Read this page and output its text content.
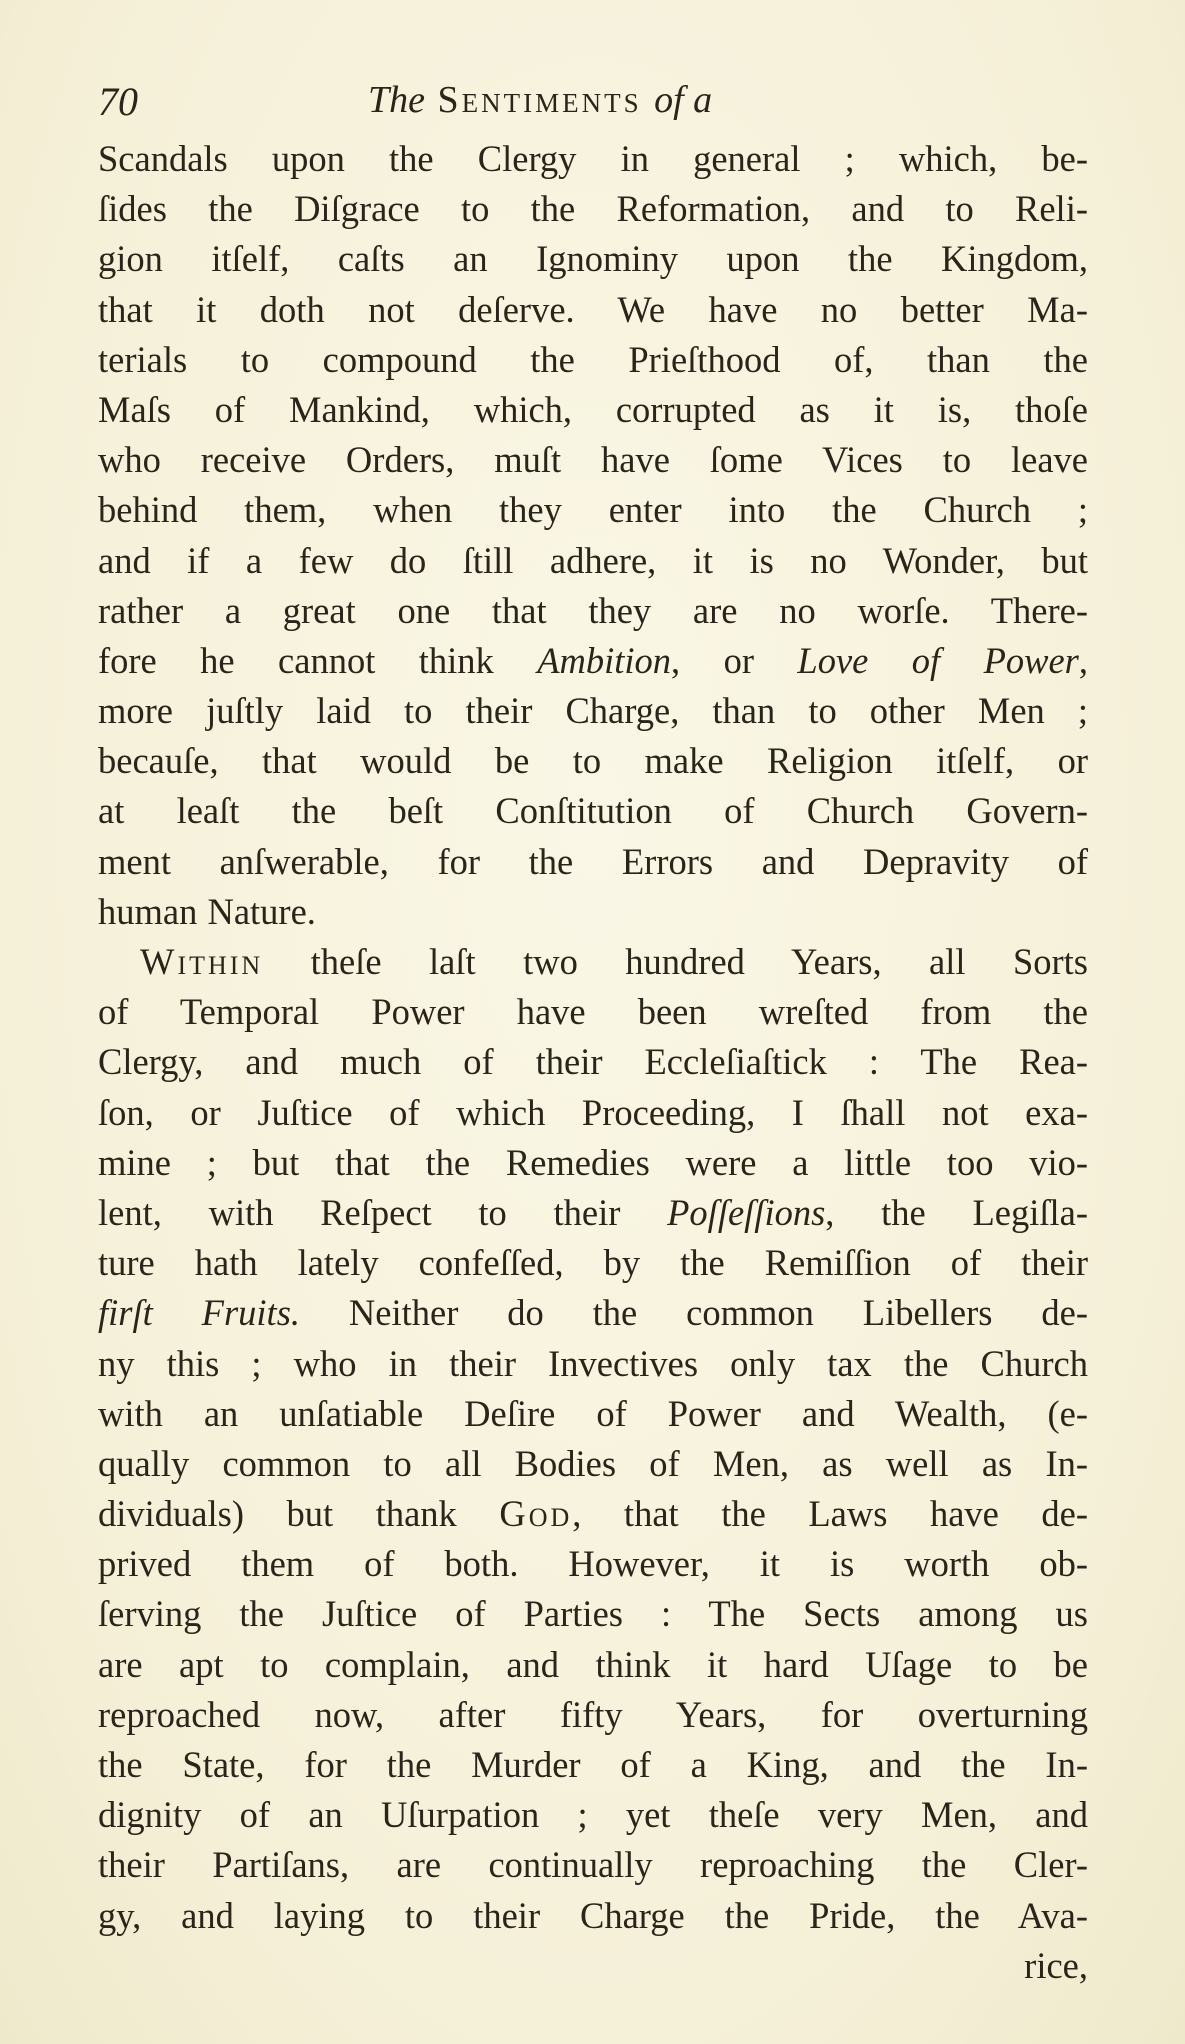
70	The Sentiments of a
Scandals upon the Clergy in general ; which, be-
ſides the Diſgrace to the Reformation, and to Reli-
gion itſelf, caſts an Ignominy upon the Kingdom,
that it doth not deſerve. We have no better Ma-
terials to compound the Prieſthood of, than the
Maſs of Mankind, which, corrupted as it is, thoſe
who receive Orders, muſt have ſome Vices to leave
behind them, when they enter into the Church ;
and if a few do ſtill adhere, it is no Wonder, but
rather a great one that they are no worſe. There-
fore he cannot think Ambition, or Love of Power,
more juſtly laid to their Charge, than to other Men ;
becauſe, that would be to make Religion itſelf, or
at leaſt the beſt Conſtitution of Church Govern-
ment anſwerable, for the Errors and Depravity of
human Nature.
Within theſe laſt two hundred Years, all Sorts
of Temporal Power have been wreſted from the
Clergy, and much of their Eccleſiaſtick : The Rea-
ſon, or Juſtice of which Proceeding, I ſhall not exa-
mine ; but that the Remedies were a little too vio-
lent, with Reſpect to their Poſſeſſions, the Legiſla-
ture hath lately confeſſed, by the Remiſſion of their
firſt Fruits. Neither do the common Libellers de-
ny this ; who in their Invectives only tax the Church
with an unſatiable Deſire of Power and Wealth, (e-
qually common to all Bodies of Men, as well as In-
dividuals) but thank God, that the Laws have de-
prived them of both. However, it is worth ob-
ſerving the Juſtice of Parties : The Sects among us
are apt to complain, and think it hard Uſage to be
reproached now, after fifty Years, for overturning
the State, for the Murder of a King, and the In-
dignity of an Uſurpation ; yet theſe very Men, and
their Partiſans, are continually reproaching the Cler-
gy, and laying to their Charge the Pride, the Ava-
rice,
